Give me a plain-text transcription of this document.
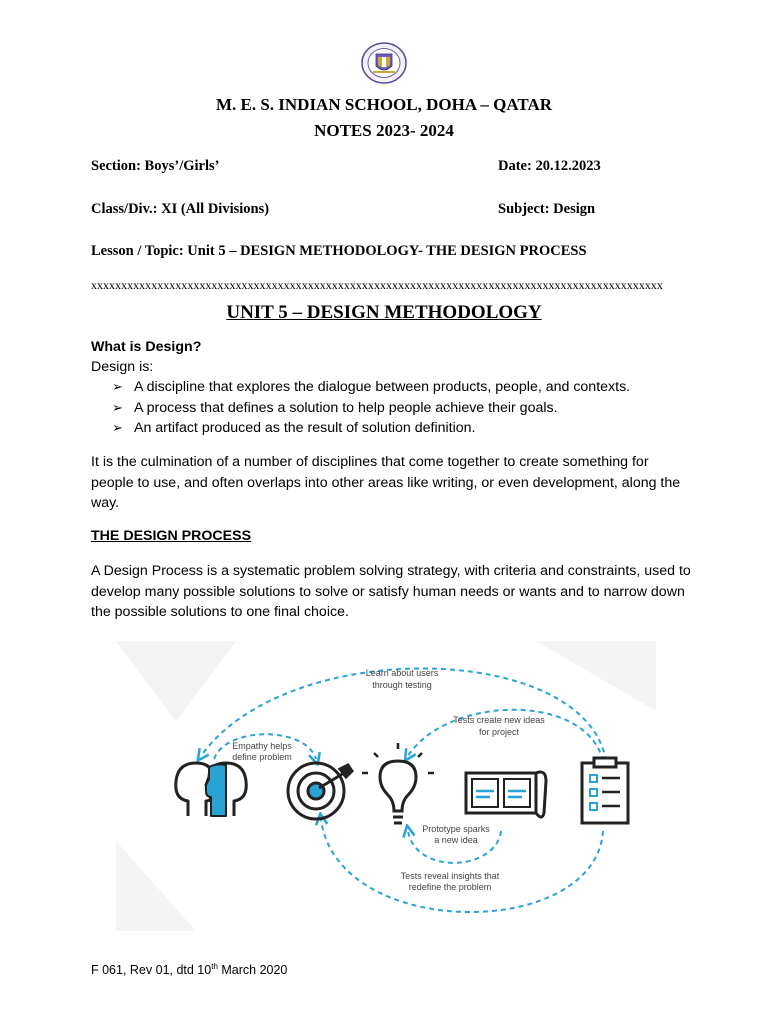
M. E. S. INDIAN SCHOOL, DOHA – QATAR
NOTES 2023- 2024
Section: Boys’/Girls’	Date: 20.12.2023
Class/Div.: XI (All Divisions)	Subject: Design
Lesson / Topic: Unit 5 – DESIGN METHODOLOGY- THE DESIGN PROCESS
xxxxxxxxxxxxxxxxxxxxxxxxxxxxxxxxxxxxxxxxxxxxxxxxxxxxxxxxxxxxxxxxxxxxxxxxxxxxxxxxxxxxxxxxxxxxxxx
UNIT 5 – DESIGN METHODOLOGY
What is Design?
Design is:
➢ A discipline that explores the dialogue between products, people, and contexts.
➢ A process that defines a solution to help people achieve their goals.
➢ An artifact produced as the result of solution definition.
It is the culmination of a number of disciplines that come together to create something for people to use, and often overlaps into other areas like writing, or even development, along the way.
THE DESIGN PROCESS
A Design Process is a systematic problem solving strategy, with criteria and constraints, used to develop many possible solutions to solve or satisfy human needs or wants and to narrow down the possible solutions to one final choice.
Learn about users
through testing
Tests create new ideas
for project
Empathy helps
define problem
Prototype sparks
a new idea
Tests reveal insights that
redefine the problem
F 061, Rev 01, dtd 10th March 2020
